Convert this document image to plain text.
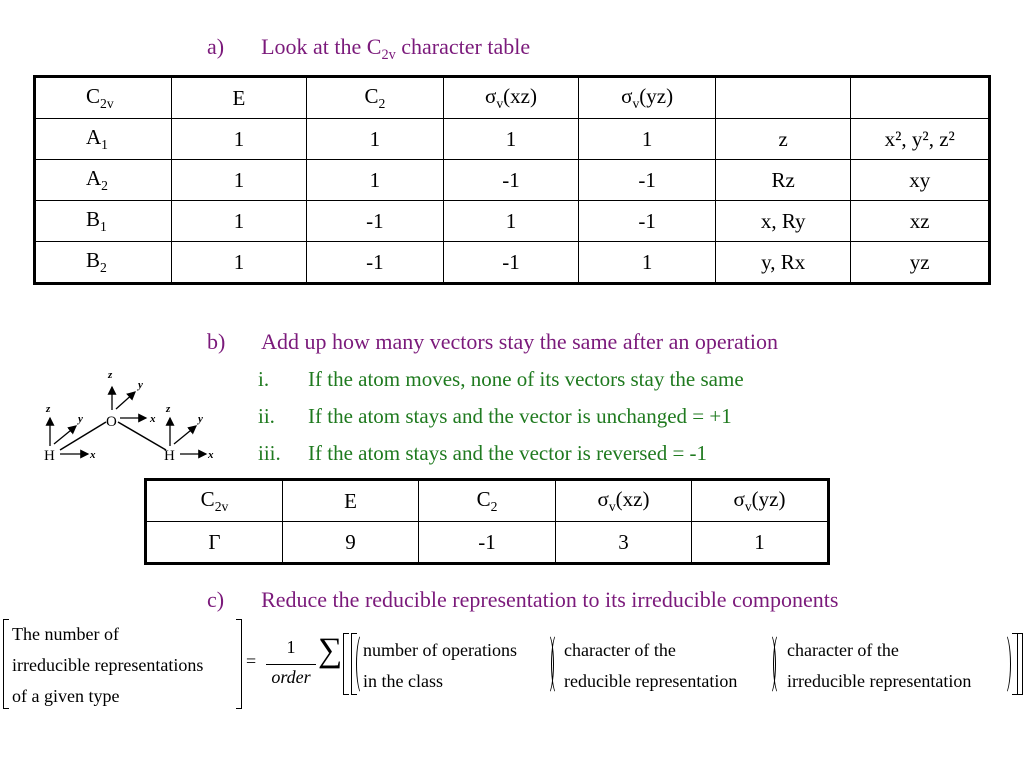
a) Look at the $C_{2v}$ character table
$C_{2v}$	E	$C_2$	$\sigma_v(xz)$	$\sigma_v(yz)$		
$A_1$	1	1	1	1	z	x², y², z²
$A_2$	1	1	-1	-1	Rz	xy
$B_1$	1	-1	1	-1	x, Ry	xz
$B_2$	1	-1	-1	1	y, Rx	yz
b) Add up how many vectors stay the same after an operation
i. If the atom moves, none of its vectors stay the same
ii. If the atom stays and the vector is unchanged = +1
iii. If the atom stays and the vector is reversed = -1
O
H	H
z
y
x
z
y
x
z
y
x
$C_{2v}$	E	$C_2$	$\sigma_v(xz)$	$\sigma_v(yz)$
Γ	9	-1	3	1
c) Reduce the reducible representation to its irreducible components
The number of
irreducible representations
of a given type
=
1
order
∑ number of operations
in the class
character of the
reducible representation
character of the
irreducible representation
